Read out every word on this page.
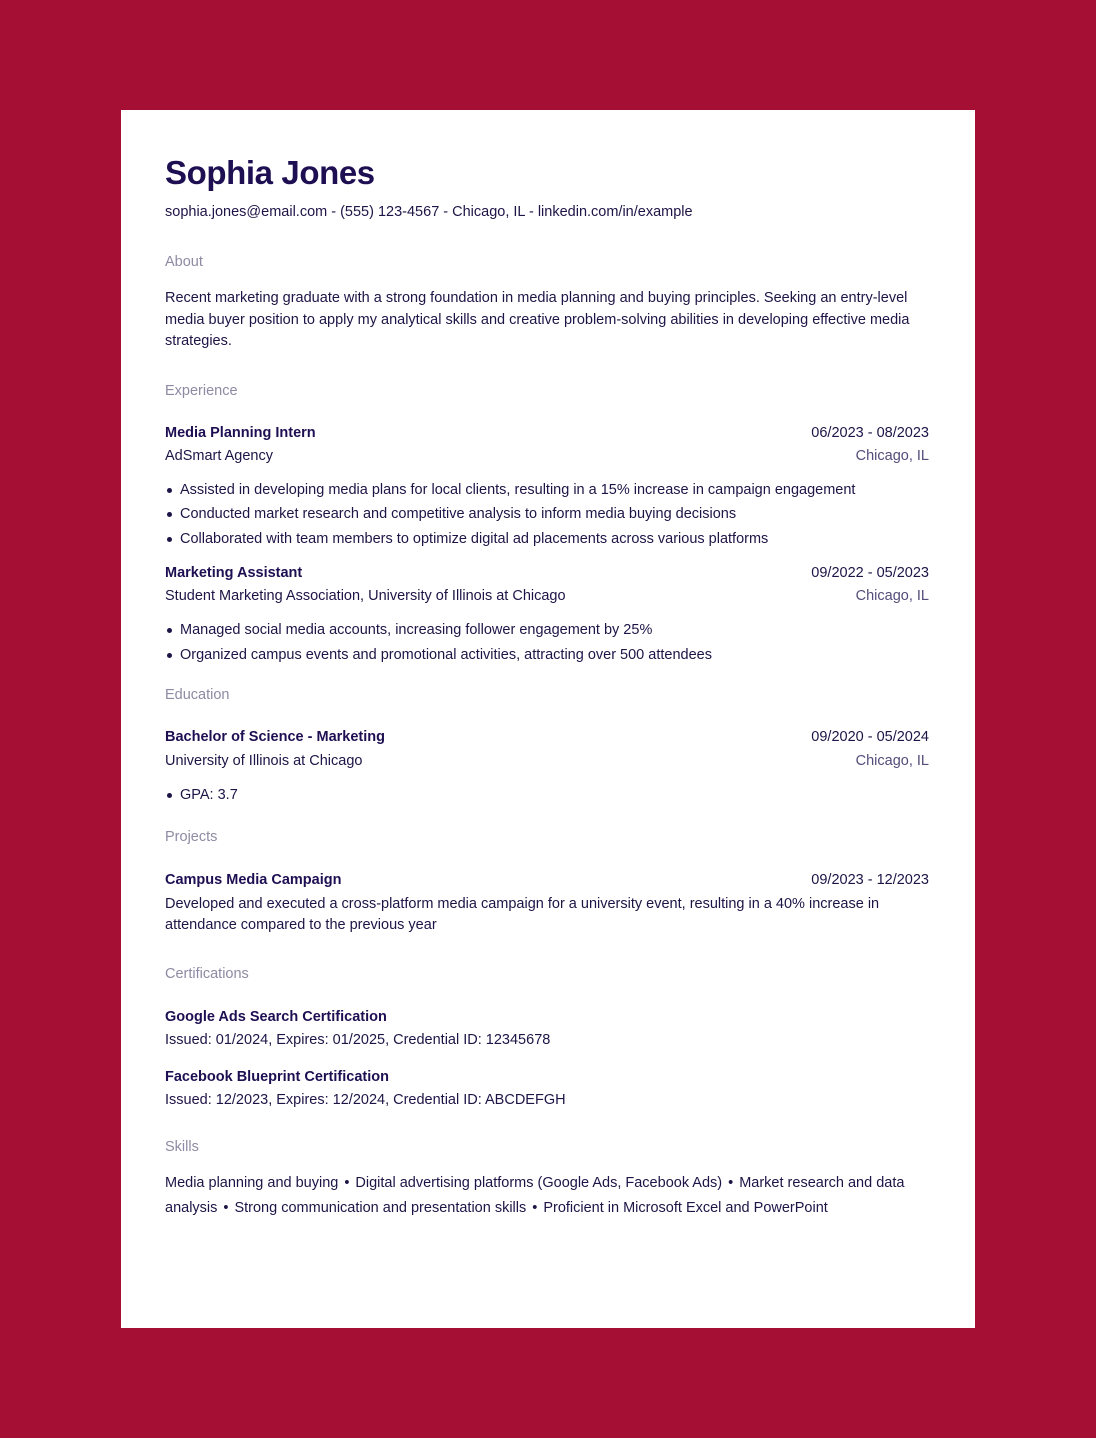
Sophia Jones
sophia.jones@email.com - (555) 123-4567 - Chicago, IL - linkedin.com/in/example
About
Recent marketing graduate with a strong foundation in media planning and buying principles. Seeking an entry-level media buyer position to apply my analytical skills and creative problem-solving abilities in developing effective media strategies.
Experience
Media Planning Intern	06/2023 - 08/2023
AdSmart Agency	Chicago, IL
Assisted in developing media plans for local clients, resulting in a 15% increase in campaign engagement
Conducted market research and competitive analysis to inform media buying decisions
Collaborated with team members to optimize digital ad placements across various platforms
Marketing Assistant	09/2022 - 05/2023
Student Marketing Association, University of Illinois at Chicago	Chicago, IL
Managed social media accounts, increasing follower engagement by 25%
Organized campus events and promotional activities, attracting over 500 attendees
Education
Bachelor of Science - Marketing	09/2020 - 05/2024
University of Illinois at Chicago	Chicago, IL
GPA: 3.7
Projects
Campus Media Campaign	09/2023 - 12/2023
Developed and executed a cross-platform media campaign for a university event, resulting in a 40% increase in attendance compared to the previous year
Certifications
Google Ads Search Certification
Issued: 01/2024, Expires: 01/2025, Credential ID: 12345678
Facebook Blueprint Certification
Issued: 12/2023, Expires: 12/2024, Credential ID: ABCDEFGH
Skills
Media planning and buying • Digital advertising platforms (Google Ads, Facebook Ads) • Market research and data analysis • Strong communication and presentation skills • Proficient in Microsoft Excel and PowerPoint
